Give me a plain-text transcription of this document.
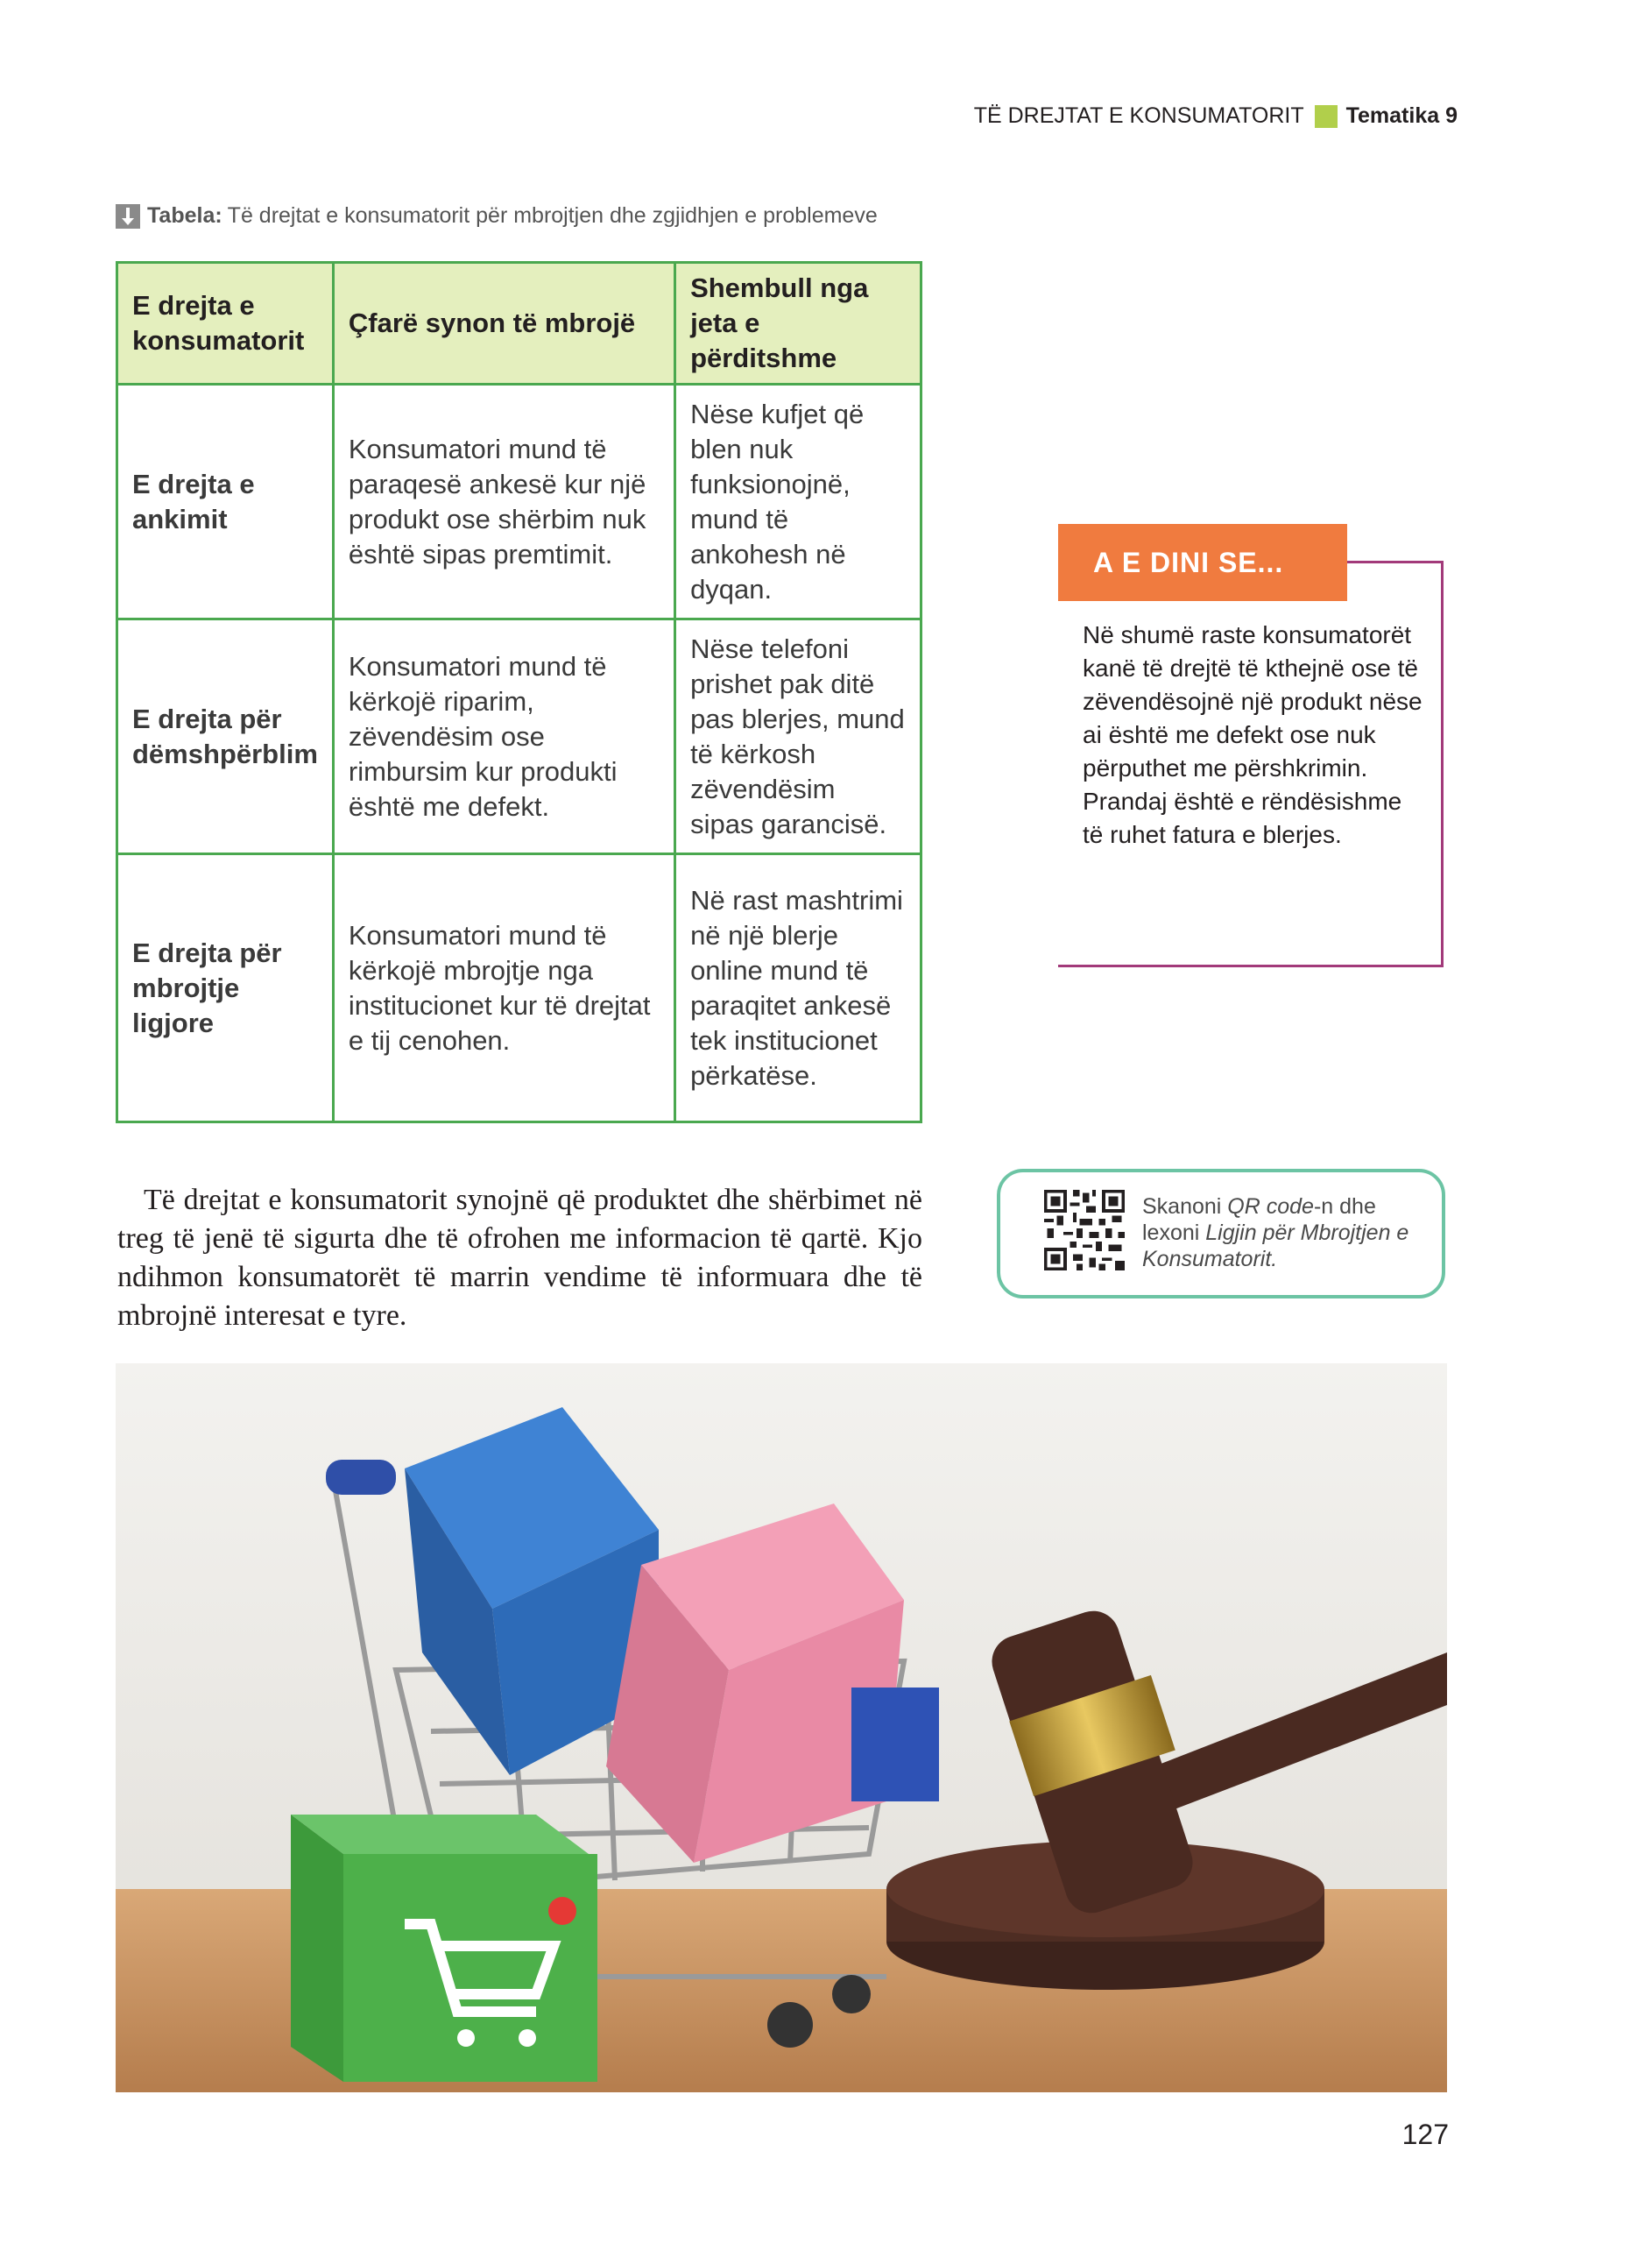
TË DREJTAT E KONSUMATORIT Tematika 9
Tabela: Të drejtat e konsumatorit për mbrojtjen dhe zgjidhjen e problemeve
E drejta e konsumatorit	Çfarë synon të mbrojë	Shembull nga jeta e përditshme
E drejta e ankimit	Konsumatori mund të paraqesë ankesë kur një produkt ose shërbim nuk është sipas premtimit.	Nëse kufjet që blen nuk funksionojnë, mund të ankohesh në dyqan.
E drejta për dëmshpërblim	Konsumatori mund të kërkojë riparim, zëvendësim ose rimbursim kur produkti është me defekt.	Nëse telefoni prishet pak ditë pas blerjes, mund të kërkosh zëvendësim sipas garancisë.
E drejta për mbrojtje ligjore	Konsumatori mund të kërkojë mbrojtje nga institucionet kur të drejtat e tij cenohen.	Në rast mashtrimi në një blerje online mund të paraqitet ankesë tek institucionet përkatëse.

Të drejtat e konsumatorit synojnë që produktet dhe shërbimet në treg të jenë të sigurta dhe të ofrohen me informacion të qartë. Kjo ndihmon konsumatorët të marrin vendime të informuara dhe të mbrojnë interesat e tyre.

A E DINI SE...
Në shumë raste konsumatorët kanë të drejtë të kthejnë ose të zëvendësojnë një produkt nëse ai është me defekt ose nuk përputhet me përshkrimin. Prandaj është e rëndësishme të ruhet fatura e blerjes.
Skanoni QR code-n dhe lexoni Ligjin për Mbrojtjen e Konsumatorit.
127
